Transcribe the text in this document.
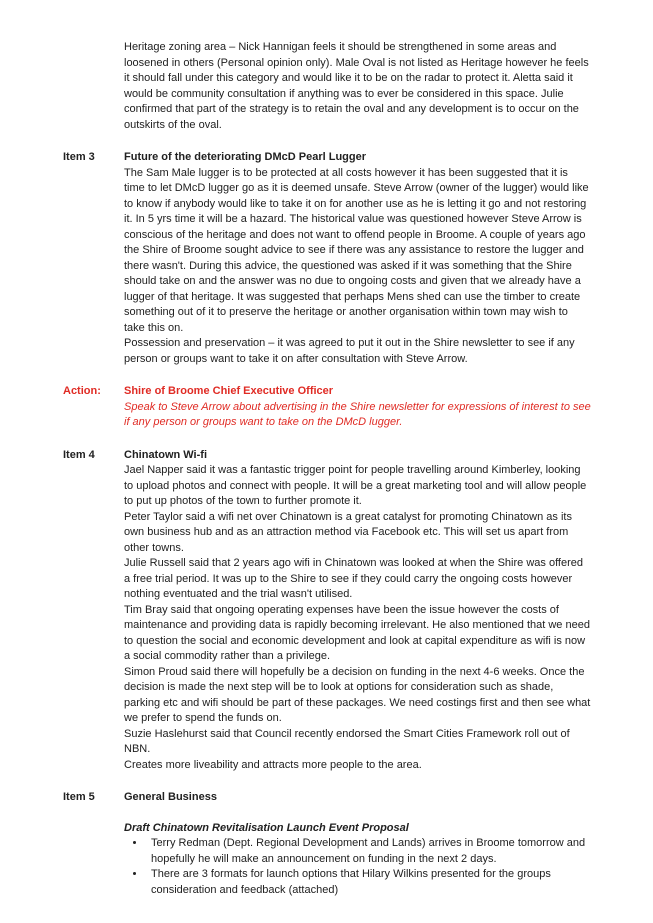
Heritage zoning area – Nick Hannigan feels it should be strengthened in some areas and loosened in others (Personal opinion only). Male Oval is not listed as Heritage however he feels it should fall under this category and would like it to be on the radar to protect it. Aletta said it would be community consultation if anything was to ever be considered in this space. Julie confirmed that part of the strategy is to retain the oval and any development is to occur on the outskirts of the oval.

Item 3	Future of the deteriorating DMcD Pearl Lugger

The Sam Male lugger is to be protected at all costs however it has been suggested that it is time to let DMcD lugger go as it is deemed unsafe. Steve Arrow (owner of the lugger) would like to know if anybody would like to take it on for another use as he is letting it go and not restoring it. In 5 yrs time it will be a hazard. The historical value was questioned however Steve Arrow is conscious of the heritage and does not want to offend people in Broome. A couple of years ago the Shire of Broome sought advice to see if there was any assistance to restore the lugger and there wasn't. During this advice, the questioned was asked if it was something that the Shire should take on and the answer was no due to ongoing costs and given that we already have a lugger of that heritage. It was suggested that perhaps Mens shed can use the timber to create something out of it to preserve the heritage or another organisation within town may wish to take this on.

Possession and preservation – it was agreed to put it out in the Shire newsletter to see if any person or groups want to take it on after consultation with Steve Arrow.

Action:	Shire of Broome Chief Executive Officer

Speak to Steve Arrow about advertising in the Shire newsletter for expressions of interest to see if any person or groups want to take on the DMcD lugger.

Item 4	Chinatown Wi-fi

Jael Napper said it was a fantastic trigger point for people travelling around Kimberley, looking to upload photos and connect with people. It will be a great marketing tool and will allow people to put up photos of the town to further promote it.

Peter Taylor said a wifi net over Chinatown is a great catalyst for promoting Chinatown as its own business hub and as an attraction method via Facebook etc. This will set us apart from other towns.

Julie Russell said that 2 years ago wifi in Chinatown was looked at when the Shire was offered a free trial period. It was up to the Shire to see if they could carry the ongoing costs however nothing eventuated and the trial wasn't utilised.

Tim Bray said that ongoing operating expenses have been the issue however the costs of maintenance and providing data is rapidly becoming irrelevant. He also mentioned that we need to question the social and economic development and look at capital expenditure as wifi is now a social commodity rather than a privilege.

Simon Proud said there will hopefully be a decision on funding in the next 4-6 weeks. Once the decision is made the next step will be to look at options for consideration such as shade, parking etc and wifi should be part of these packages. We need costings first and then see what we prefer to spend the funds on.

Suzie Haslehurst said that Council recently endorsed the Smart Cities Framework roll out of NBN.

Creates more liveability and attracts more people to the area.

Item 5	General Business
Draft Chinatown Revitalisation Launch Event Proposal
• Terry Redman (Dept. Regional Development and Lands) arrives in Broome tomorrow and hopefully he will make an announcement on funding in the next 2 days.
• There are 3 formats for launch options that Hilary Wilkins presented for the groups consideration and feedback (attached)
